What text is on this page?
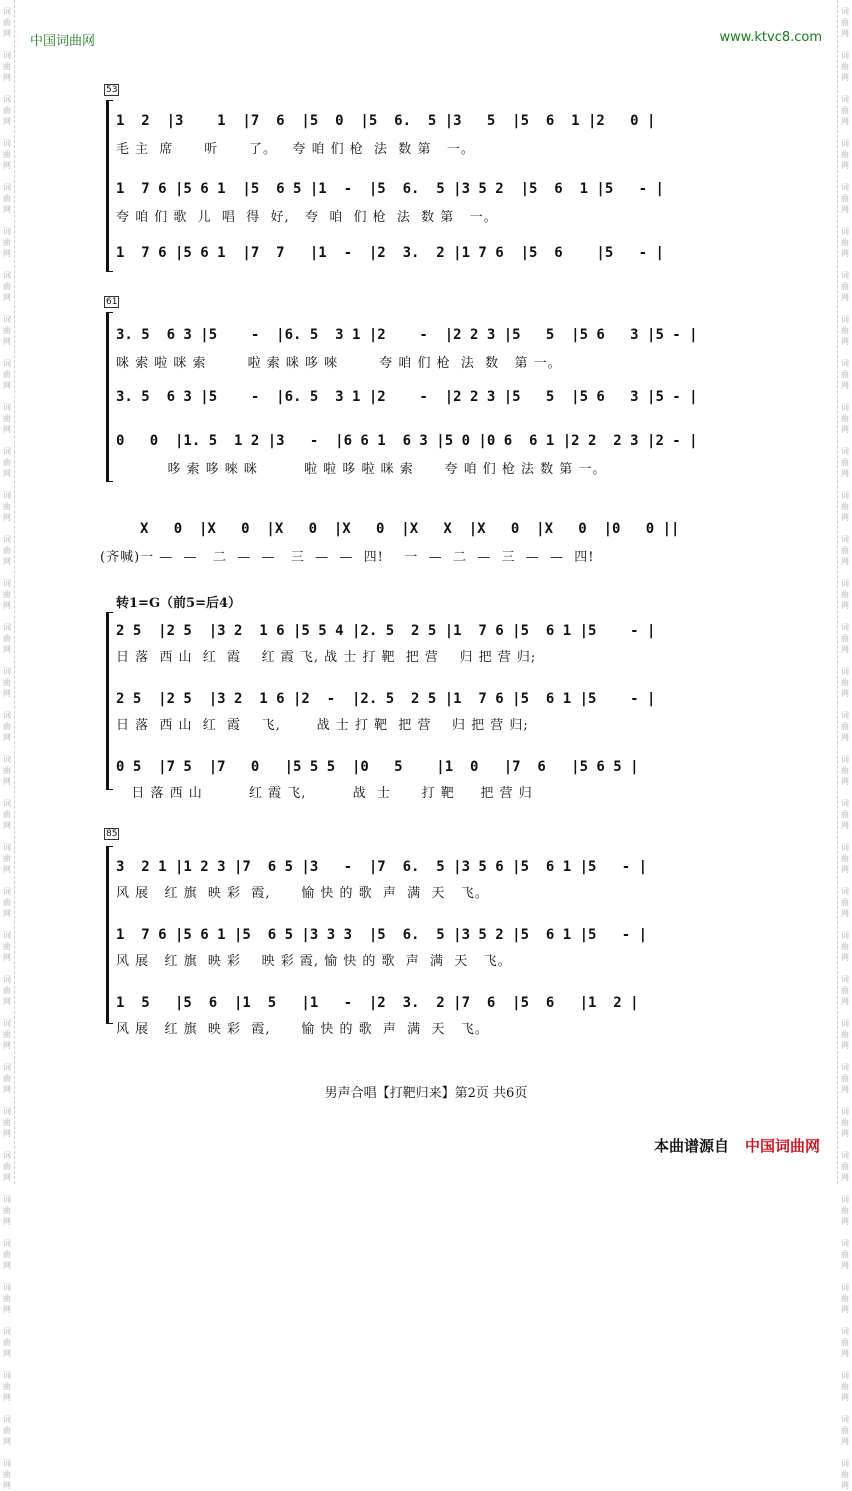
词
曲
网

词
曲
网

词
曲
网

词
曲
网

词
曲
网

词
曲
网

词
曲
网

词
曲
网

词
曲
网

词
曲
网

词
曲
网

词
曲
网

词
曲
网

词
曲
网

词
曲
网

词
曲
网

词
曲
网

词
曲
网

词
曲
网

词
曲
网

词
曲
网

词
曲
网

词
曲
网

词
曲
网

词
曲
网

词
曲
网

词
曲
网

词
曲
网

词
曲
网

词
曲
网

词
曲
网

词
曲
网

词
曲
网

词
曲
网

词
曲
网

词
曲
网

词
曲
网

词
曲
网

词
曲
网

词
曲
网

词
曲
网

词
曲
网

词
曲
网

词
曲
网

词
曲
网

词
曲
网

词
曲
网

词
曲
网

词
曲
网

词
曲
网

词
曲
网

词
曲
网

词
曲
网

词
曲
网

词
曲
网

词
曲
网

词
曲
网

词
曲
网

词
曲
网

词
曲
网

词
曲
网

词
曲
网

词
曲
网

词
曲
网

词
曲
网

词
曲
网

词
曲
网

词
曲
网

中国词曲网	www.ktvc8.com
53
1  2  |3    1  |7  6  |5  0  |5  6.  5 |3   5  |5  6  1 |2   0 |
毛 主  席      听      了。   夸 咱 们 枪  法  数 第   一。
1  7 6 |5 6 1  |5  6 5 |1  -  |5  6.  5 |3 5 2  |5  6  1 |5   - |
夸 咱 们 歌  儿  唱  得  好,   夸  咱  们 枪  法  数 第   一。
1  7 6 |5 6 1  |7  7   |1  -  |2  3.  2 |1 7 6  |5  6    |5   - |
61
3. 5  6 3 |5    -  |6. 5  3 1 |2    -  |2 2 3 |5   5  |5 6   3 |5 - |
咪 索 啦 咪 索        啦 索 咪 哆 唻        夸 咱 们 枪  法  数   第 一。
3. 5  6 3 |5    -  |6. 5  3 1 |2    -  |2 2 3 |5   5  |5 6   3 |5 - |
0   0  |1. 5  1 2 |3   -  |6 6 1  6 3 |5 0 |0 6  6 1 |2 2  2 3 |2 - |
哆 索 哆 唻 咪         啦 啦 哆 啦 咪 索      夸 咱 们 枪 法 数 第 一。
X   0  |X   0  |X   0  |X   0  |X   X  |X   0  |X   0  |0   0 ||
(齐喊)一 —  —   二  —  —   三  —  —  四!    一  —  二  —  三  —  —  四!
转1=G（前5=后4）
2 5  |2 5  |3 2  1 6 |5 5 4 |2. 5  2 5 |1  7 6 |5  6 1 |5    - |
日 落  西 山  红  霞    红 霞 飞, 战 士 打 靶  把 营    归 把 营 归;
2 5  |2 5  |3 2  1 6 |2  -  |2. 5  2 5 |1  7 6 |5  6 1 |5    - |
日 落  西 山  红  霞    飞,       战 士 打 靶  把 营    归 把 营 归;
0 5  |7 5  |7   0   |5 5 5  |0   5    |1  0   |7  6   |5 6 5 |
日 落 西 山         红 霞 飞,         战  士      打 靶     把 营 归
85
3  2 1 |1 2 3 |7  6 5 |3   -  |7  6.  5 |3 5 6 |5  6 1 |5   - |
风 展   红 旗  映 彩  霞,      愉 快 的 歌  声  满  天   飞。
1  7 6 |5 6 1 |5  6 5 |3 3 3  |5  6.  5 |3 5 2 |5  6 1 |5   - |
风 展   红 旗  映 彩    映 彩 霞, 愉 快 的 歌  声  满  天   飞。
1  5   |5  6  |1  5   |1   -  |2  3.  2 |7  6  |5  6   |1  2 |
风 展   红 旗  映 彩  霞,      愉 快 的 歌  声  满  天   飞。
男声合唱【打靶归来】第2页 共6页
本曲谱源自 中国词曲网
